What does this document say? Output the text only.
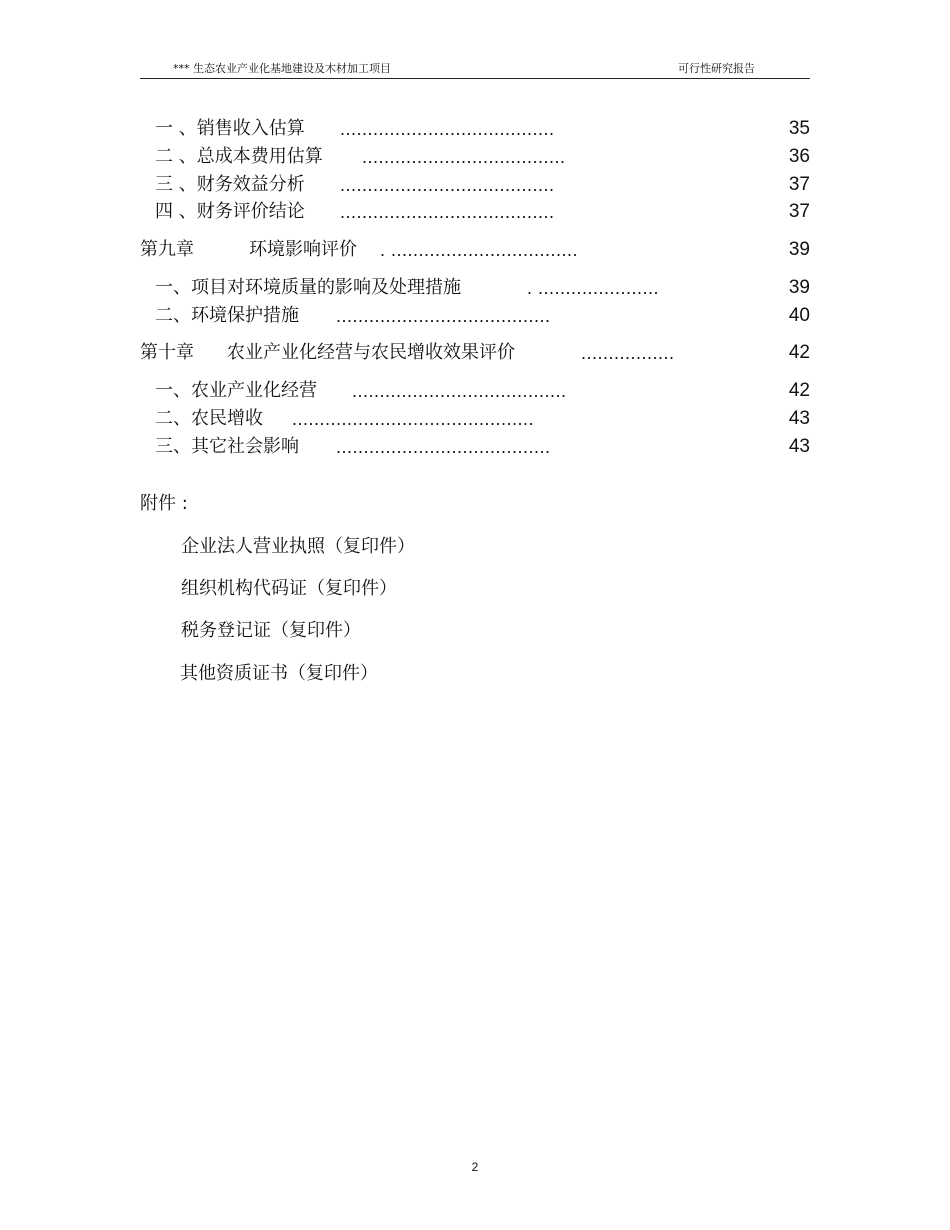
*** 生态农业产业化基地建设及木材加工项目	可行性研究报告
一 、销售收入估算 .......................................	35
二 、总成本费用估算 .....................................	36
三 、财务效益分析 .......................................	37
四 、财务评价结论 .......................................	37
第九章	环境影响评价 . ..................................	39
一、项目对环境质量的影响及处理措施	. ......................	39
二、环境保护措施 .......................................	40
第十章 农业产业化经营与农民增收效果评价	.................	42
一、农业产业化经营 .......................................	42
二、农民增收 ............................................	43
三、其它社会影响 .......................................	43
附件 :
企业法人营业执照（复印件）
组织机构代码证（复印件）
税务登记证（复印件）
其他资质证书（复印件）
2
